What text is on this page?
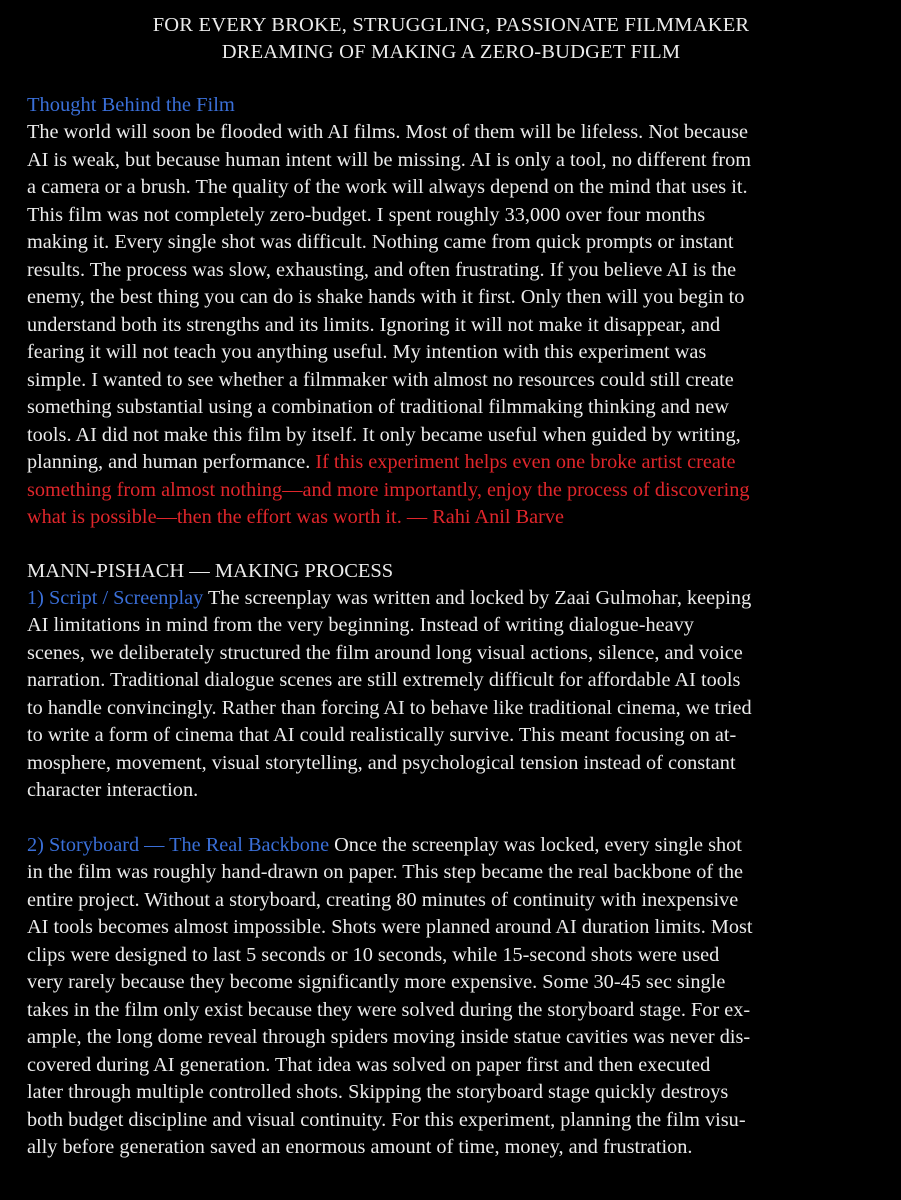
FOR EVERY BROKE, STRUGGLING, PASSIONATE FILMMAKER
DREAMING OF MAKING A ZERO-BUDGET FILM
Thought Behind the Film
The world will soon be flooded with AI films. Most of them will be lifeless. Not because
AI is weak, but because human intent will be missing. AI is only a tool, no different from
a camera or a brush. The quality of the work will always depend on the mind that uses it.
This film was not completely zero-budget. I spent roughly 33,000 over four months
making it. Every single shot was difficult. Nothing came from quick prompts or instant
results. The process was slow, exhausting, and often frustrating. If you believe AI is the
enemy, the best thing you can do is shake hands with it first. Only then will you begin to
understand both its strengths and its limits. Ignoring it will not make it disappear, and
fearing it will not teach you anything useful. My intention with this experiment was
simple. I wanted to see whether a filmmaker with almost no resources could still create
something substantial using a combination of traditional filmmaking thinking and new
tools. AI did not make this film by itself. It only became useful when guided by writing,
planning, and human performance. If this experiment helps even one broke artist create
something from almost nothing—and more importantly, enjoy the process of discovering
what is possible—then the effort was worth it. — Rahi Anil Barve
MANN-PISHACH — MAKING PROCESS
1) Script / Screenplay The screenplay was written and locked by Zaai Gulmohar, keeping
AI limitations in mind from the very beginning. Instead of writing dialogue-heavy
scenes, we deliberately structured the film around long visual actions, silence, and voice
narration. Traditional dialogue scenes are still extremely difficult for affordable AI tools
to handle convincingly. Rather than forcing AI to behave like traditional cinema, we tried
to write a form of cinema that AI could realistically survive. This meant focusing on at-
mosphere, movement, visual storytelling, and psychological tension instead of constant
character interaction.
2) Storyboard — The Real Backbone Once the screenplay was locked, every single shot
in the film was roughly hand-drawn on paper. This step became the real backbone of the
entire project. Without a storyboard, creating 80 minutes of continuity with inexpensive
AI tools becomes almost impossible. Shots were planned around AI duration limits. Most
clips were designed to last 5 seconds or 10 seconds, while 15-second shots were used
very rarely because they become significantly more expensive. Some 30-45 sec single
takes in the film only exist because they were solved during the storyboard stage. For ex-
ample, the long dome reveal through spiders moving inside statue cavities was never dis-
covered during AI generation. That idea was solved on paper first and then executed
later through multiple controlled shots. Skipping the storyboard stage quickly destroys
both budget discipline and visual continuity. For this experiment, planning the film visu-
ally before generation saved an enormous amount of time, money, and frustration.
